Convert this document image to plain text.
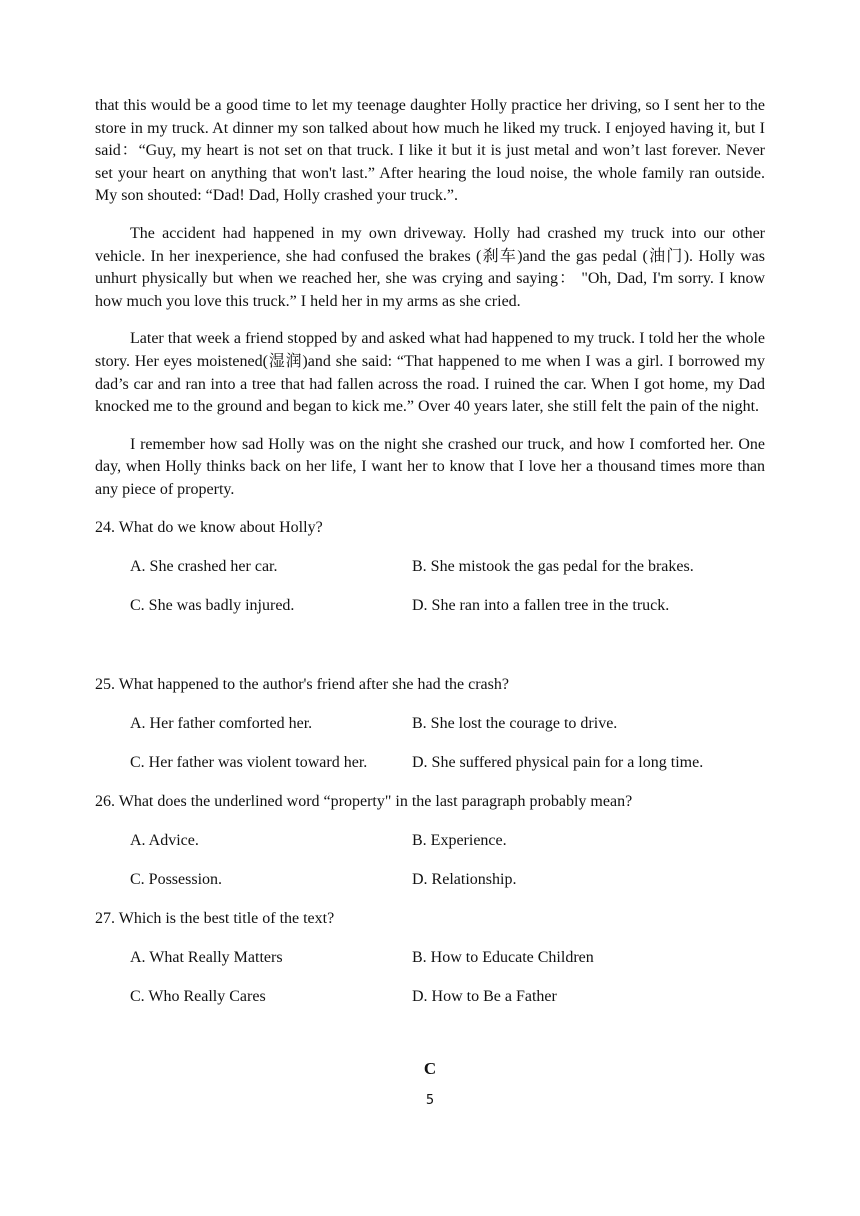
that this would be a good time to let my teenage daughter Holly practice her driving, so I sent her to the store in my truck. At dinner my son talked about how much he liked my truck. I enjoyed having it, but I said：“Guy, my heart is not set on that truck. I like it but it is just metal and won’t last forever. Never set your heart on anything that won't last.” After hearing the loud noise, the whole family ran outside. My son shouted: “Dad! Dad, Holly crashed your truck.”.

The accident had happened in my own driveway. Holly had crashed my truck into our other vehicle. In her inexperience, she had confused the brakes (刹车)and the gas pedal (油门). Holly was unhurt physically but when we reached her, she was crying and saying： "Oh, Dad, I'm sorry. I know how much you love this truck.” I held her in my arms as she cried.

Later that week a friend stopped by and asked what had happened to my truck. I told her the whole story. Her eyes moistened(湿润)and she said: “That happened to me when I was a girl. I borrowed my dad’s car and ran into a tree that had fallen across the road. I ruined the car. When I got home, my Dad knocked me to the ground and began to kick me.” Over 40 years later, she still felt the pain of the night.

I remember how sad Holly was on the night she crashed our truck, and how I comforted her. One day, when Holly thinks back on her life, I want her to know that I love her a thousand times more than any piece of property.

24. What do we know about Holly?

A. She crashed her car.	B. She mistook the gas pedal for the brakes.
C. She was badly injured.	D. She ran into a fallen tree in the truck.

25. What happened to the author's friend after she had the crash?

A. Her father comforted her.	B. She lost the courage to drive.
C. Her father was violent toward her.	D. She suffered physical pain for a long time.

26. What does the underlined word “property" in the last paragraph probably mean?

A. Advice.	B. Experience.
C. Possession.	D. Relationship.

27. Which is the best title of the text?

A. What Really Matters	B. How to Educate Children
C. Who Really Cares	D. How to Be a Father
C
5
